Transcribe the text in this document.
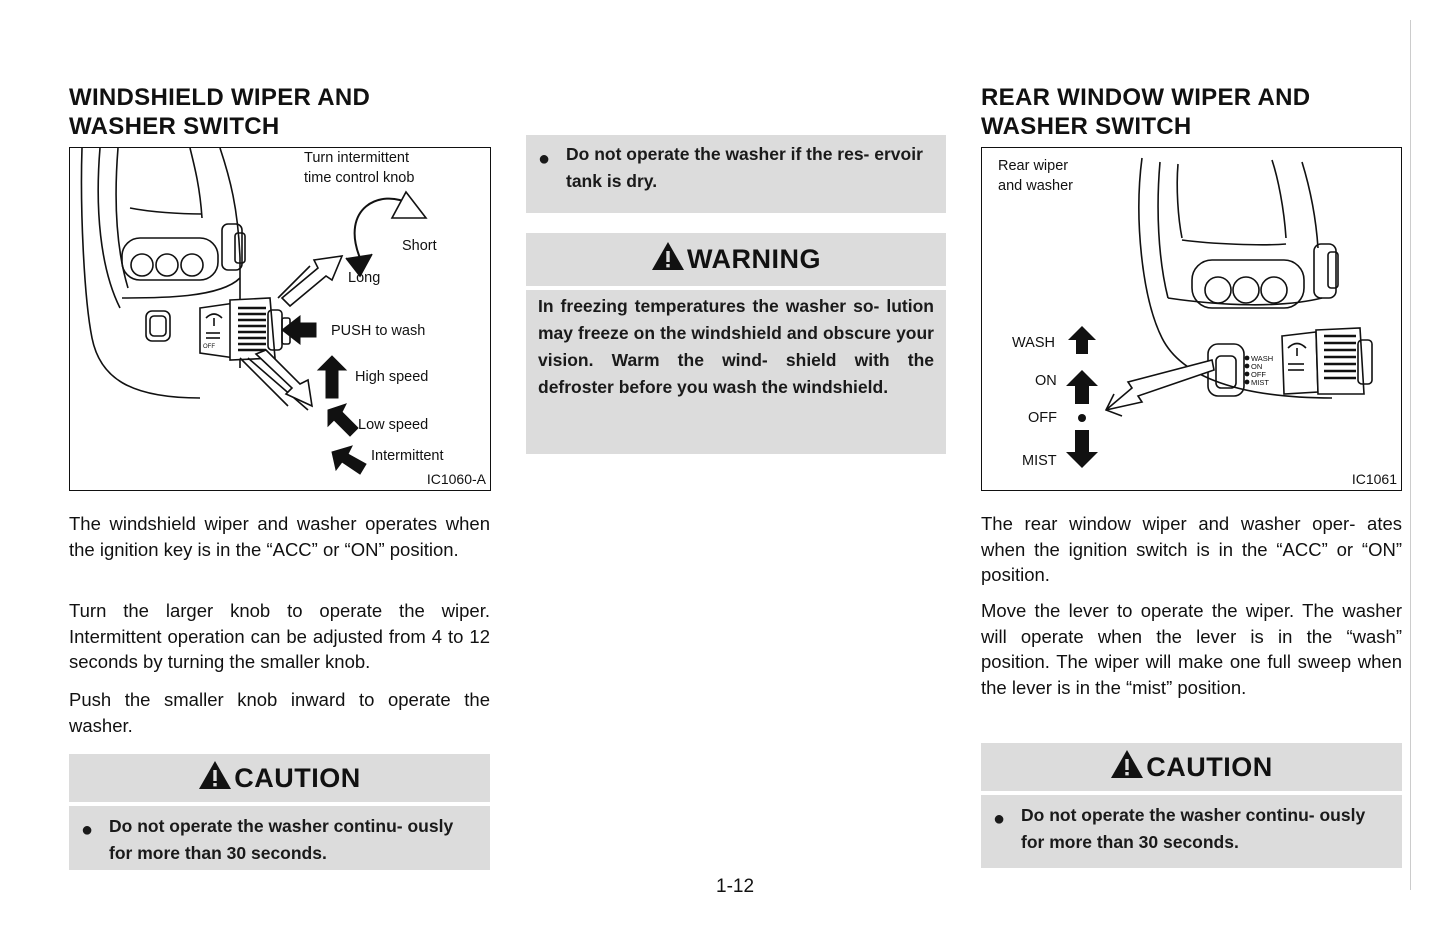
WINDSHIELD WIPER AND
WASHER SWITCH
OFF
Turn intermittent
time control knob
Short
Long
PUSH to wash
High speed
Low speed
Intermittent
IC1060-A

The windshield wiper and washer operates when the ignition key is in the “ACC” or “ON” position.

Turn the larger knob to operate the wiper. Intermittent operation can be adjusted from 4 to 12 seconds by turning the smaller knob.

Push the smaller knob inward to operate the washer.

CAUTION
● Do not operate the washer continu- ously for more than 30 seconds.
● Do not operate the washer if the res- ervoir tank is dry.
WARNING
In freezing temperatures the washer so- lution may freeze on the windshield and obscure your vision. Warm the wind- shield with the defroster before you wash the windshield.
REAR WINDOW WIPER AND
WASHER SWITCH
WASH
ON
OFF
MIST
Rear wiper
and washer
WASH
ON
OFF
MIST
IC1061

The rear window wiper and washer oper- ates when the ignition switch is in the “ACC” or “ON” position.

Move the lever to operate the wiper. The washer will operate when the lever is in the “wash” position. The wiper will make one full sweep when the lever is in the “mist” position.

CAUTION
● Do not operate the washer continu- ously for more than 30 seconds.
1-12
